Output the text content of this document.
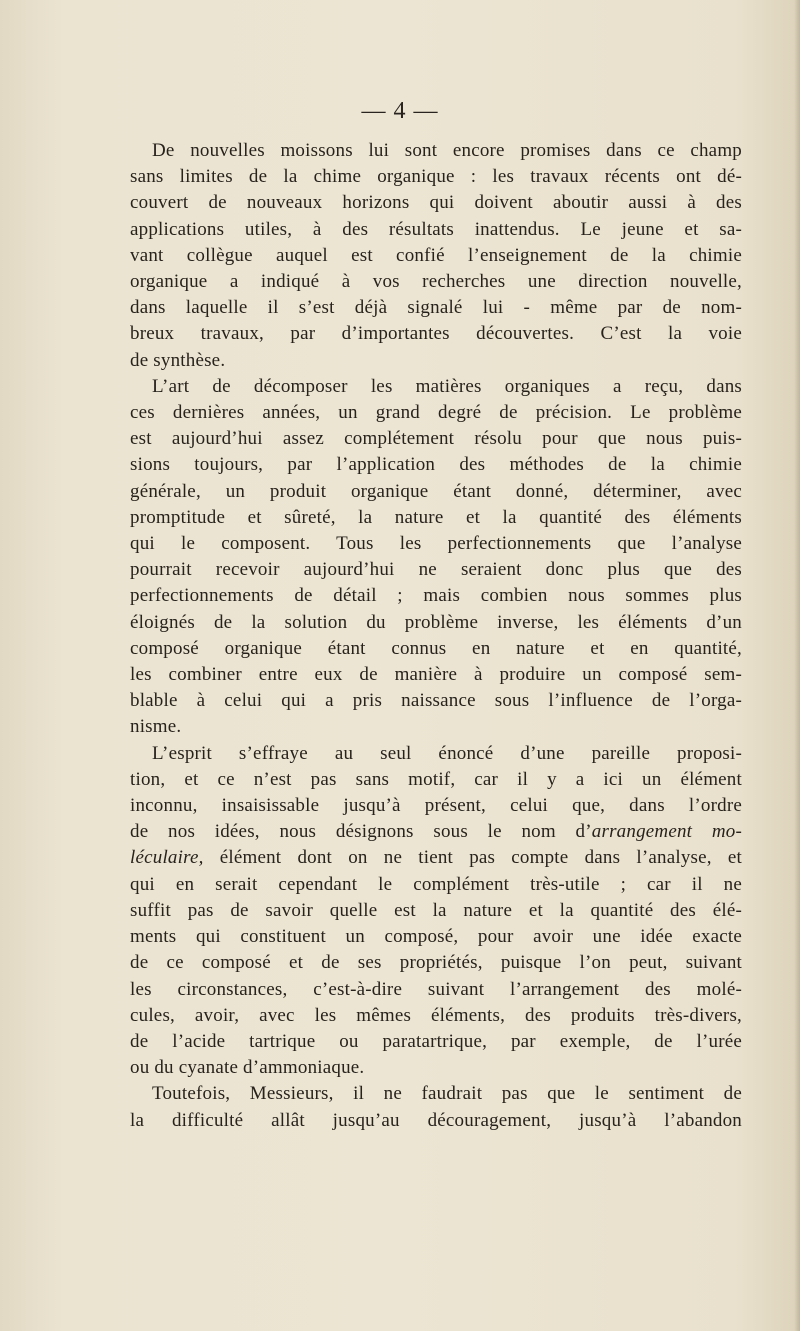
— 4 —
De nouvelles moissons lui sont encore promises dans ce champ
sans limites de la chime organique : les travaux récents ont dé-
couvert de nouveaux horizons qui doivent aboutir aussi à des
applications utiles, à des résultats inattendus. Le jeune et sa-
vant collègue auquel est confié l’enseignement de la chimie
organique a indiqué à vos recherches une direction nouvelle,
dans laquelle il s’est déjà signalé lui - même par de nom-
breux travaux, par d’importantes découvertes. C’est la voie
de synthèse.
L’art de décomposer les matières organiques a reçu, dans
ces dernières années, un grand degré de précision. Le problème
est aujourd’hui assez complétement résolu pour que nous puis-
sions toujours, par l’application des méthodes de la chimie
générale, un produit organique étant donné, déterminer, avec
promptitude et sûreté, la nature et la quantité des éléments
qui le composent. Tous les perfectionnements que l’analyse
pourrait recevoir aujourd’hui ne seraient donc plus que des
perfectionnements de détail ; mais combien nous sommes plus
éloignés de la solution du problème inverse, les éléments d’un
composé organique étant connus en nature et en quantité,
les combiner entre eux de manière à produire un composé sem-
blable à celui qui a pris naissance sous l’influence de l’orga-
nisme.
L’esprit s’effraye au seul énoncé d’une pareille proposi-
tion, et ce n’est pas sans motif, car il y a ici un élément
inconnu, insaisissable jusqu’à présent, celui que, dans l’ordre
de nos idées, nous désignons sous le nom d’arrangement mo-
léculaire, élément dont on ne tient pas compte dans l’analyse, et
qui en serait cependant le complément très-utile ; car il ne
suffit pas de savoir quelle est la nature et la quantité des élé-
ments qui constituent un composé, pour avoir une idée exacte
de ce composé et de ses propriétés, puisque l’on peut, suivant
les circonstances, c’est-à-dire suivant l’arrangement des molé-
cules, avoir, avec les mêmes éléments, des produits très-divers,
de l’acide tartrique ou paratartrique, par exemple, de l’urée
ou du cyanate d’ammoniaque.
Toutefois, Messieurs, il ne faudrait pas que le sentiment de
la difficulté allât jusqu’au découragement, jusqu’à l’abandon
